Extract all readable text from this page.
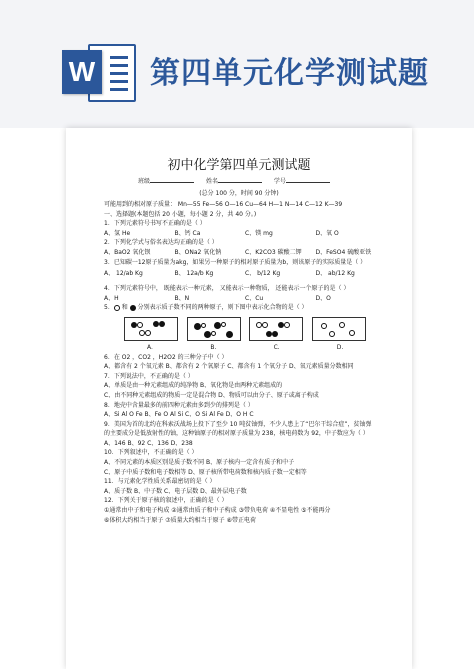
W 第四单元化学测试题
初中化学第四单元测试题
班级	姓名	学号
(总分 100 分，时间 90 分钟)
可能用到的相对原子质量： Mn—55 Fe—56 O—16 Cu—64 H—1 N—14 C—12 K—39
一、选择题(本题包括 20 小题，每小题 2 分，共 40 分。)
1．下列元素符号书写不正确的是（ ）
A、氢 He	B、钙 Ca	C、镁 mg	D、氧 O
2．下列化学式与俗名表达均正确的是（ ）
A、BaO2 氧化钡	B、ONa2 氧化钠	C、K2CO3 碳酸二钾	D、FeSO4 硫酸亚铁
3．已知碳一12原子质量为akg，如果另一种原子的相对原子质量为b，则该原子的实际质量是（ ）
A、 12/ab Kg	B、 12a/b Kg	C、 b/12 Kg	D、 ab/12 Kg
4．下列元素符号中， 既能表示一种元素， 又能表示一种物质， 还能表示一个原子的是（ ）
A、H	B、N	C、Cu	D、O
5． 和  分别表示质子数不同的两种原子，则下图中表示化合物的是（ ）
A.	B.	C.	D.
6．在 O2 ，CO2 ，H2O2 的三种分子中（ ）
A、都含有 2 个氧元素 B、都含有 2 个氧原子 C、都含有 1 个氧分子 D、氧元素质量分数相同
7．下列说法中，不正确的是（ ）
A、单质是由一种元素组成的纯净物 B、氧化物是由两种元素组成的
C、由不同种元素组成的物质一定是混合物 D、物质可以由分子、原子或离子构成
8．地壳中含量最多的前四种元素由多到少的排列是（ ）
A、Si Al O Fe B、Fe O Al Si C、O Si Al Fe D、O H C
9．美国为首的北约在科索沃战场上投下了至少 10 吨贫铀弹，不少人患上了“巴尔干综合症”，贫铀弹
的主要成分是低放射性的铀，这种铀原子的相对原子质量为 238，核电荷数为 92，中子数应为（ ）
A、146 B、92 C、136 D、238
10．下列叙述中，不正确的是（ ）
A、不同元素的本质区别是质子数不同 B、原子核内一定含有质子和中子
C、原子中质子数和电子数相等 D、原子核所带电荷数和核内质子数一定相等
11．与元素化学性质关系最密切的是（ ）
A、质子数 B、中子数 C、电子层数 D、最外层电子数
12．下列关于原子核的叙述中，正确的是（ ）
①通常由中子和电子构成 ②通常由质子和中子构成 ③带负电荷 ④不显电性 ⑤不能再分
⑥体积大约相当于原子 ⑦质量大约相当于原子 ⑧带正电荷
